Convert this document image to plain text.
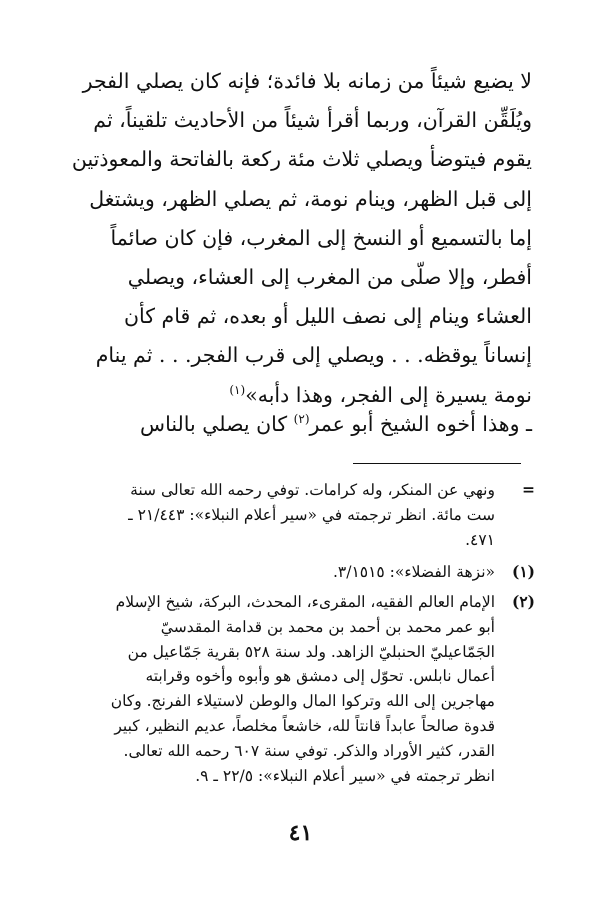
لا يضيع شيئاً من زمانه بلا فائدة؛ فإنه كان يصلي الفجر
ويُلَقِّن القرآن، وربما أقرأ شيئاً من الأحاديث تلقيناً، ثم
يقوم فيتوضأ ويصلي ثلاث مئة ركعة بالفاتحة والمعوذتين
إلى قبل الظهر، وينام نومة، ثم يصلي الظهر، ويشتغل
إما بالتسميع أو النسخ إلى المغرب، فإن كان صائماً
أفطر، وإلا صلّى من المغرب إلى العشاء، ويصلي
العشاء وينام إلى نصف الليل أو بعده، ثم قام كأن
إنساناً يوقظه. . . ويصلي إلى قرب الفجر. . . ثم ينام
نومة يسيرة إلى الفجر، وهذا دأبه»$^{(١)}$
ـ وهذا أخوه الشيخ أبو عمر$^{(٢)}$ كان يصلي بالناس
=
ونهي عن المنكر، وله كرامات. توفي رحمه الله تعالى سنة
ست مائة. انظر ترجمته في «سير أعلام النبلاء»: ٢١/٤٤٣ ـ
٤٧١.
(١)
«نزهة الفضلاء»: ٣/١٥١٥.
(٢)
الإمام العالم الفقيه، المقرىء، المحدث، البركة، شيخ الإسلام
أبو عمر محمد بن أحمد بن محمد بن قدامة المقدسيّ
الجَمّاعيليّ الحنبليّ الزاهد. ولد سنة ٥٢٨ بقرية جَمّاعيل من
أعمال نابلس. تحوّل إلى دمشق هو وأبوه وأخوه وقرابته
مهاجرين إلى الله وتركوا المال والوطن لاستيلاء الفرنج. وكان
قدوة صالحاً عابداً قانتاً لله، خاشعاً مخلصاً، عديم النظير، كبير
القدر، كثير الأوراد والذكر. توفي سنة ٦٠٧ رحمه الله تعالى.
انظر ترجمته في «سير أعلام النبلاء»: ٢٢/٥ ـ ٩.
٤١
